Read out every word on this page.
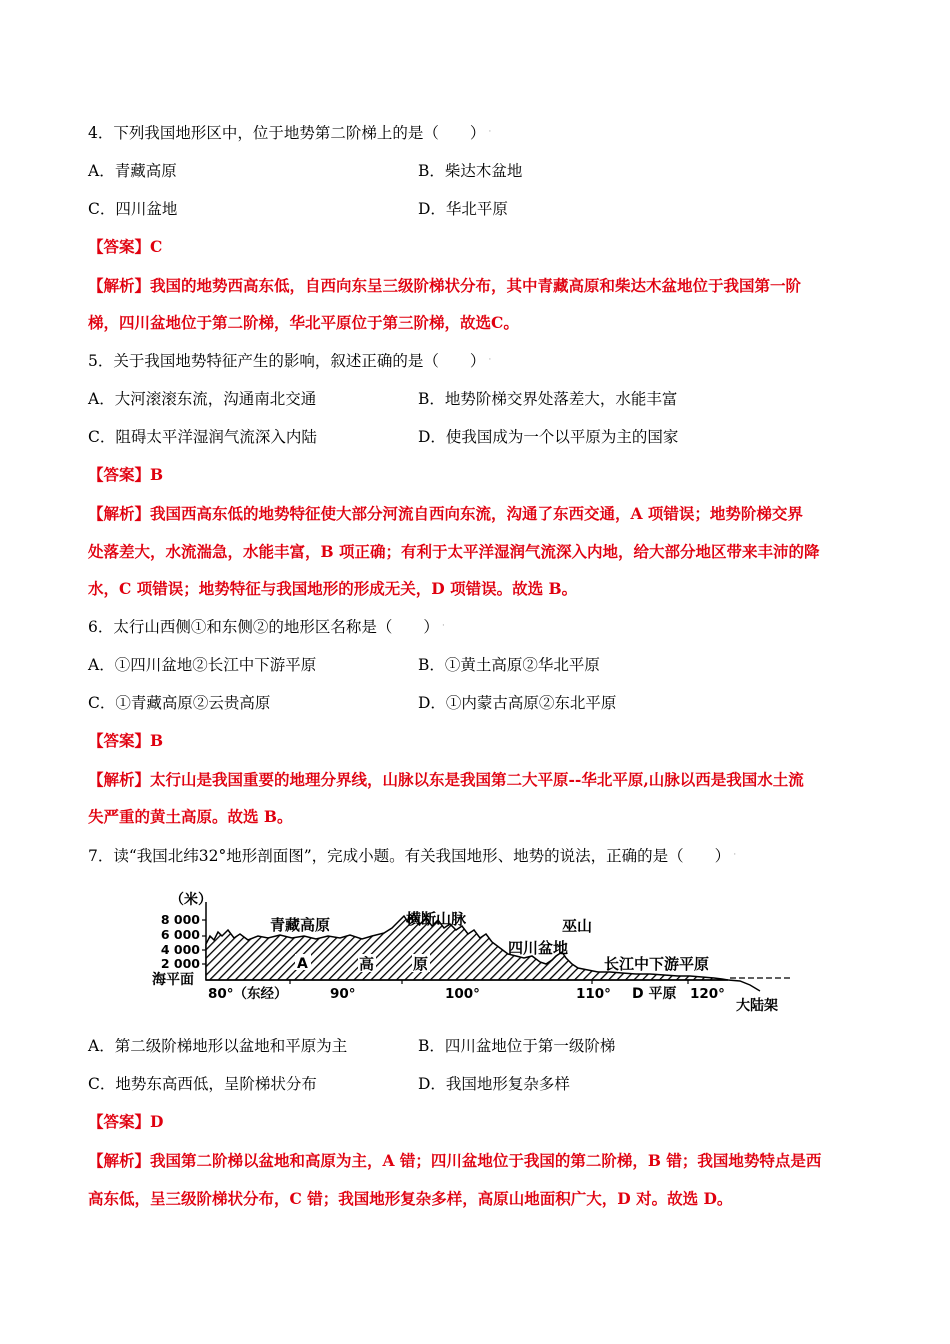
4．下列我国地形区中，位于地势第二阶梯上的是（　　） ˙
A．青藏高原	B．柴达木盆地
C．四川盆地	D．华北平原
【答案】C
【解析】我国的地势西高东低，自西向东呈三级阶梯状分布，其中青藏高原和柴达木盆地位于我国第一阶
梯，四川盆地位于第二阶梯，华北平原位于第三阶梯，故选C。
5．关于我国地势特征产生的影响，叙述正确的是（　　） ˙
A．大河滚滚东流，沟通南北交通	B．地势阶梯交界处落差大，水能丰富
C．阻碍太平洋湿润气流深入内陆	D．使我国成为一个以平原为主的国家
【答案】B
【解析】我国西高东低的地势特征使大部分河流自西向东流，沟通了东西交通，A 项错误；地势阶梯交界
处落差大，水流湍急，水能丰富，B 项正确；有利于太平洋湿润气流深入内地，给大部分地区带来丰沛的降
水，C 项错误；地势特征与我国地形的形成无关，D 项错误。故选 B。
6．太行山西侧①和东侧②的地形区名称是（　　） ˙
A．①四川盆地②长江中下游平原	B．①黄土高原②华北平原
C．①青藏高原②云贵高原	D．①内蒙古高原②东北平原
【答案】B
【解析】太行山是我国重要的地理分界线，山脉以东是我国第二大平原--华北平原,山脉以西是我国水土流
失严重的黄土高原。故选 B。
7．读“我国北纬32°地形剖面图”，完成小题。有关我国地形、地势的说法，正确的是（　　） ˙
（米）
8 000
6 000
4 000
2 000
海平面
80°（东经）	90°	100°	110°	120°
青藏高原	横断山脉	巫山
四川盆地
长江中下游平原
A	高	原
D 平原
大陆架
A．第二级阶梯地形以盆地和平原为主	B．四川盆地位于第一级阶梯
C．地势东高西低，呈阶梯状分布	D．我国地形复杂多样
【答案】D
【解析】我国第二阶梯以盆地和高原为主，A 错；四川盆地位于我国的第二阶梯，B 错；我国地势特点是西
高东低，呈三级阶梯状分布，C 错；我国地形复杂多样，高原山地面积广大，D 对。故选 D。
